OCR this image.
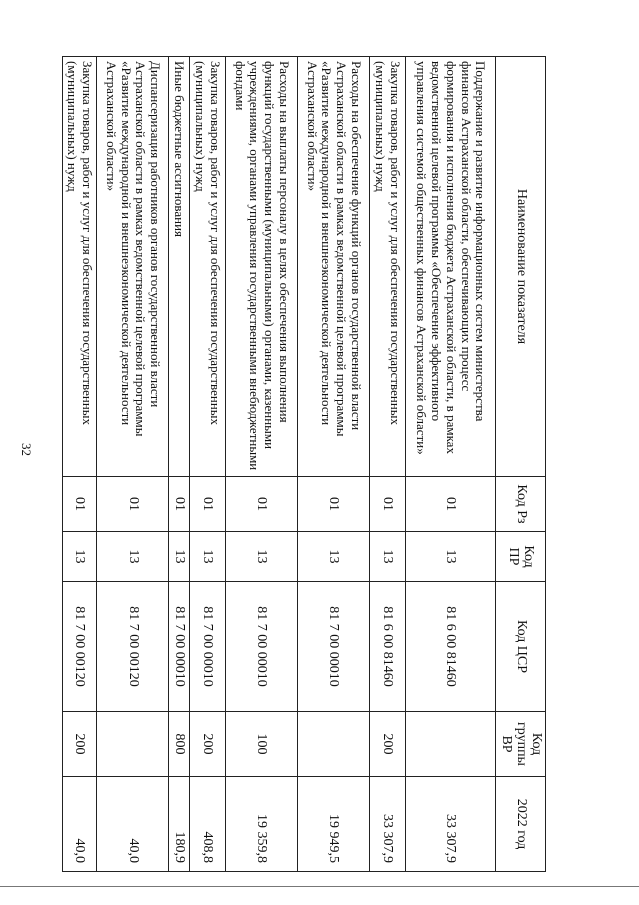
32
Наименование показателя	Код Рз	Код ПР	Код ЦСР	Код группы ВР	2022 год
Поддержание и развитие информационных систем министерства финансов Астраханской области, обеспечивающих процесс формирования и исполнения бюджета Астраханской области, в рамках ведомственной целевой программы «Обеспечение эффективного управления системой общественных финансов Астраханской области»	01	13	81 6 00 81460		33 307,9
Закупка товаров, работ и услуг для обеспечения государственных (муниципальных) нужд	01	13	81 6 00 81460	200	33 307,9
Расходы на обеспечение функций органов государственной власти Астраханской области в рамках ведомственной целевой программы «Развитие международной и внешнеэкономической деятельности Астраханской области»	01	13	81 7 00 00010		19 949,5
Расходы на выплаты персоналу в целях обеспечения выполнения функций государственными (муниципальными) органами, казенными учреждениями, органами управления государственными внебюджетными фондами	01	13	81 7 00 00010	100	19 359,8
Закупка товаров, работ и услуг для обеспечения государственных (муниципальных) нужд	01	13	81 7 00 00010	200	408,8
Иные бюджетные ассигнования	01	13	81 7 00 00010	800	180,9
Диспансеризация работников органов государственной власти Астраханской области в рамках ведомственной целевой программы «Развитие международной и внешнеэкономической деятельности Астраханской области»	01	13	81 7 00 00120		40,0
Закупка товаров, работ и услуг для обеспечения государственных (муниципальных) нужд	01	13	81 7 00 00120	200	40,0
